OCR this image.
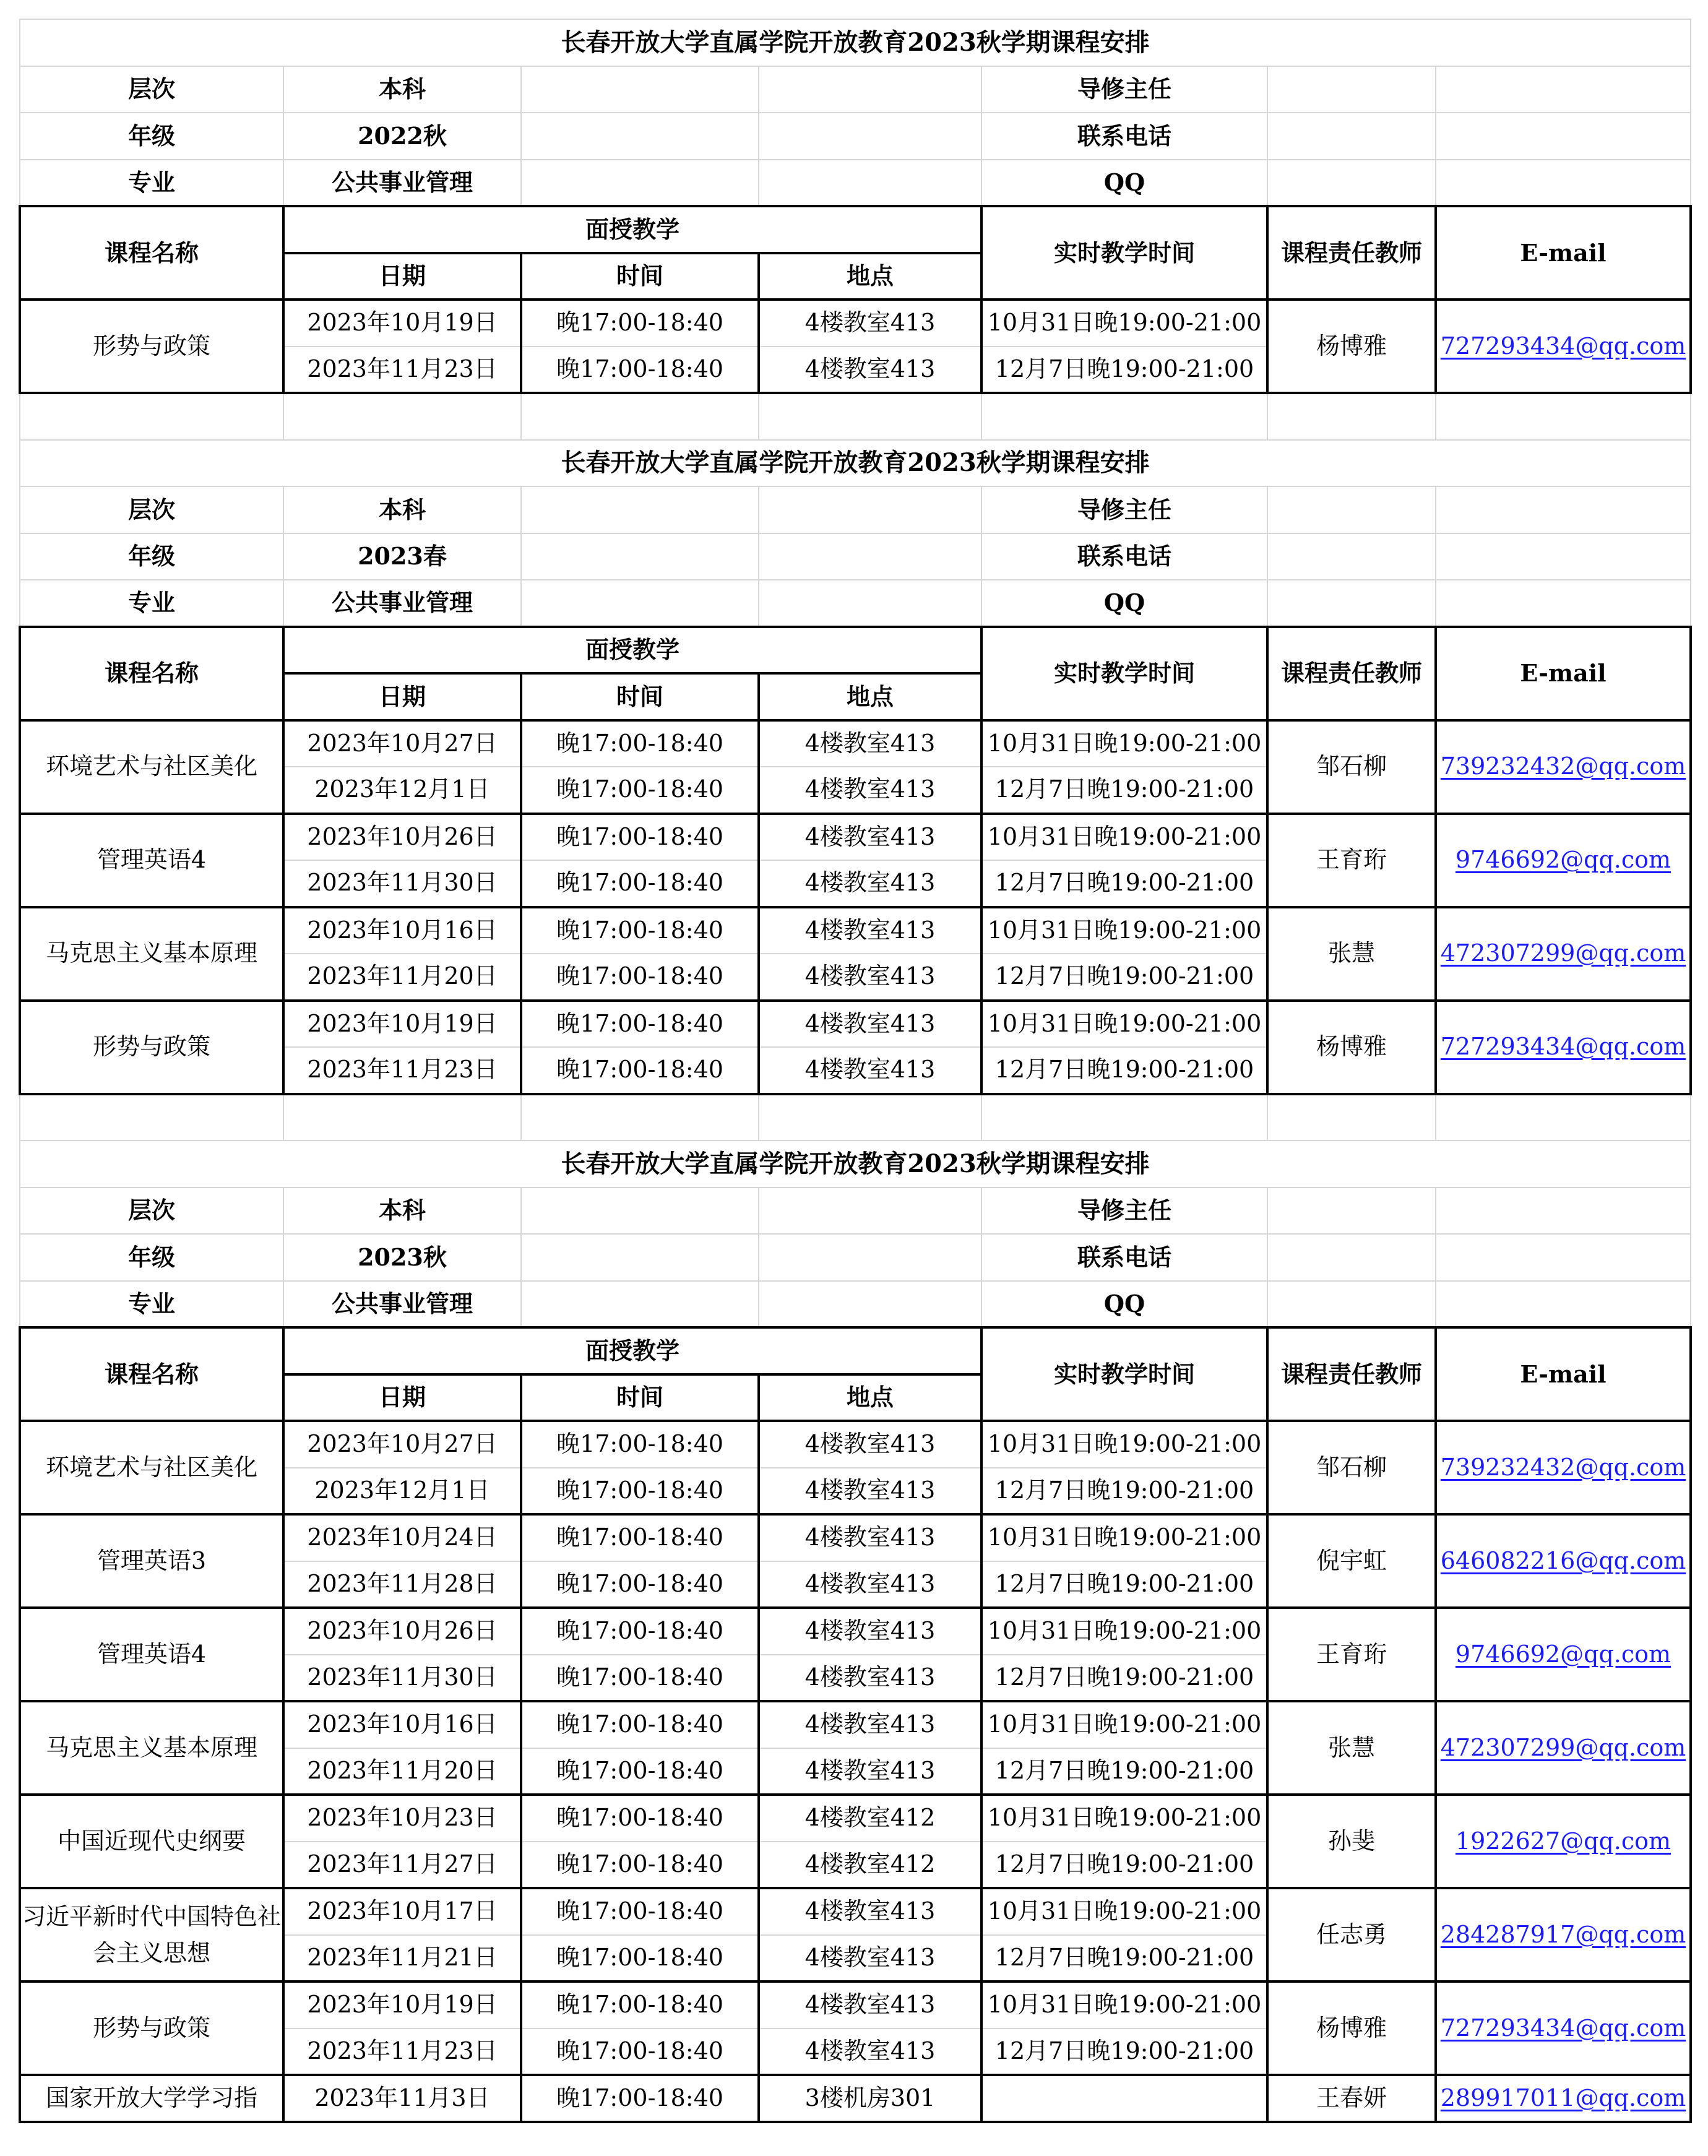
长春开放大学直属学院开放教育2023秋学期课程安排						
层次	本科			导修主任		
年级	2022秋			联系电话		
专业	公共事业管理			QQ		
课程名称	面授教学			实时教学时间	课程责任教师	E-mail
	日期	时间	地点			
形势与政策	2023年10月19日	晚17:00-18:40	4楼教室413	10月31日晚19:00-21:00	杨博雅	727293434@qq.com
	2023年11月23日	晚17:00-18:40	4楼教室413	12月7日晚19:00-21:00		

长春开放大学直属学院开放教育2023秋学期课程安排						
层次	本科			导修主任		
年级	2023春			联系电话		
专业	公共事业管理			QQ		
课程名称	面授教学			实时教学时间	课程责任教师	E-mail
	日期	时间	地点			
环境艺术与社区美化	2023年10月27日	晚17:00-18:40	4楼教室413	10月31日晚19:00-21:00	邹石柳	739232432@qq.com
	2023年12月1日	晚17:00-18:40	4楼教室413	12月7日晚19:00-21:00		
管理英语4	2023年10月26日	晚17:00-18:40	4楼教室413	10月31日晚19:00-21:00	王育珩	9746692@qq.com
	2023年11月30日	晚17:00-18:40	4楼教室413	12月7日晚19:00-21:00		
马克思主义基本原理	2023年10月16日	晚17:00-18:40	4楼教室413	10月31日晚19:00-21:00	张慧	472307299@qq.com
	2023年11月20日	晚17:00-18:40	4楼教室413	12月7日晚19:00-21:00		
形势与政策	2023年10月19日	晚17:00-18:40	4楼教室413	10月31日晚19:00-21:00	杨博雅	727293434@qq.com
	2023年11月23日	晚17:00-18:40	4楼教室413	12月7日晚19:00-21:00		

长春开放大学直属学院开放教育2023秋学期课程安排						
层次	本科			导修主任		
年级	2023秋			联系电话		
专业	公共事业管理			QQ		
课程名称	面授教学			实时教学时间	课程责任教师	E-mail
	日期	时间	地点			
环境艺术与社区美化	2023年10月27日	晚17:00-18:40	4楼教室413	10月31日晚19:00-21:00	邹石柳	739232432@qq.com
	2023年12月1日	晚17:00-18:40	4楼教室413	12月7日晚19:00-21:00		
管理英语3	2023年10月24日	晚17:00-18:40	4楼教室413	10月31日晚19:00-21:00	倪宇虹	646082216@qq.com
	2023年11月28日	晚17:00-18:40	4楼教室413	12月7日晚19:00-21:00		
管理英语4	2023年10月26日	晚17:00-18:40	4楼教室413	10月31日晚19:00-21:00	王育珩	9746692@qq.com
	2023年11月30日	晚17:00-18:40	4楼教室413	12月7日晚19:00-21:00		
马克思主义基本原理	2023年10月16日	晚17:00-18:40	4楼教室413	10月31日晚19:00-21:00	张慧	472307299@qq.com
	2023年11月20日	晚17:00-18:40	4楼教室413	12月7日晚19:00-21:00		
中国近现代史纲要	2023年10月23日	晚17:00-18:40	4楼教室412	10月31日晚19:00-21:00	孙斐	1922627@qq.com
	2023年11月27日	晚17:00-18:40	4楼教室412	12月7日晚19:00-21:00		
习近平新时代中国特色社会主义思想	2023年10月17日	晚17:00-18:40	4楼教室413	10月31日晚19:00-21:00	任志勇	284287917@qq.com
	2023年11月21日	晚17:00-18:40	4楼教室413	12月7日晚19:00-21:00		
形势与政策	2023年10月19日	晚17:00-18:40	4楼教室413	10月31日晚19:00-21:00	杨博雅	727293434@qq.com
	2023年11月23日	晚17:00-18:40	4楼教室413	12月7日晚19:00-21:00		
国家开放大学学习指	2023年11月3日	晚17:00-18:40	3楼机房301		王春妍	289917011@qq.com
